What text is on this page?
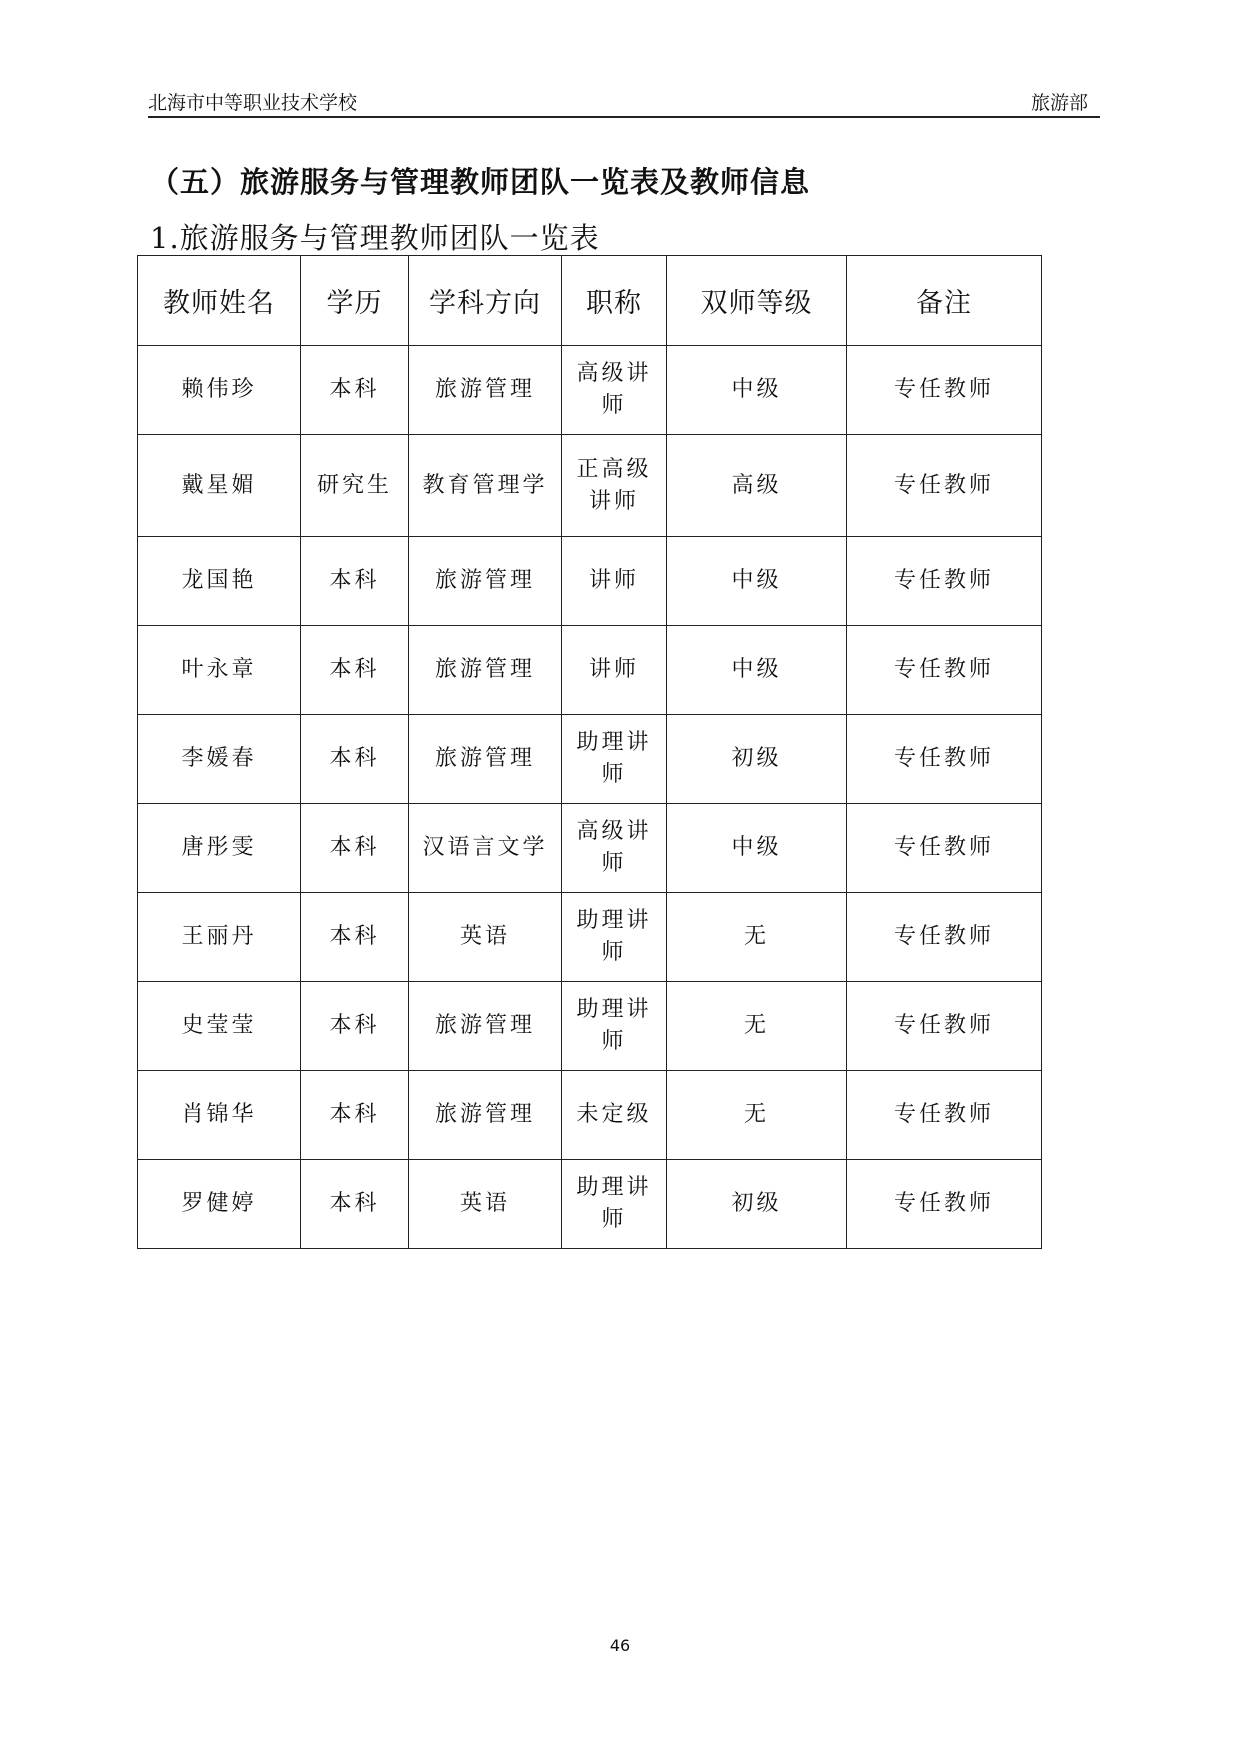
北海市中等职业技术学校	旅游部
（五）旅游服务与管理教师团队一览表及教师信息
1.旅游服务与管理教师团队一览表
教师姓名	学历	学科方向	职称	双师等级	备注
赖伟珍	本科	旅游管理	高级讲师	中级	专任教师
戴星媚	研究生	教育管理学	正高级讲师	高级	专任教师
龙国艳	本科	旅游管理	讲师	中级	专任教师
叶永章	本科	旅游管理	讲师	中级	专任教师
李媛春	本科	旅游管理	助理讲师	初级	专任教师
唐彤雯	本科	汉语言文学	高级讲师	中级	专任教师
王丽丹	本科	英语	助理讲师	无	专任教师
史莹莹	本科	旅游管理	助理讲师	无	专任教师
肖锦华	本科	旅游管理	未定级	无	专任教师
罗健婷	本科	英语	助理讲师	初级	专任教师
46
